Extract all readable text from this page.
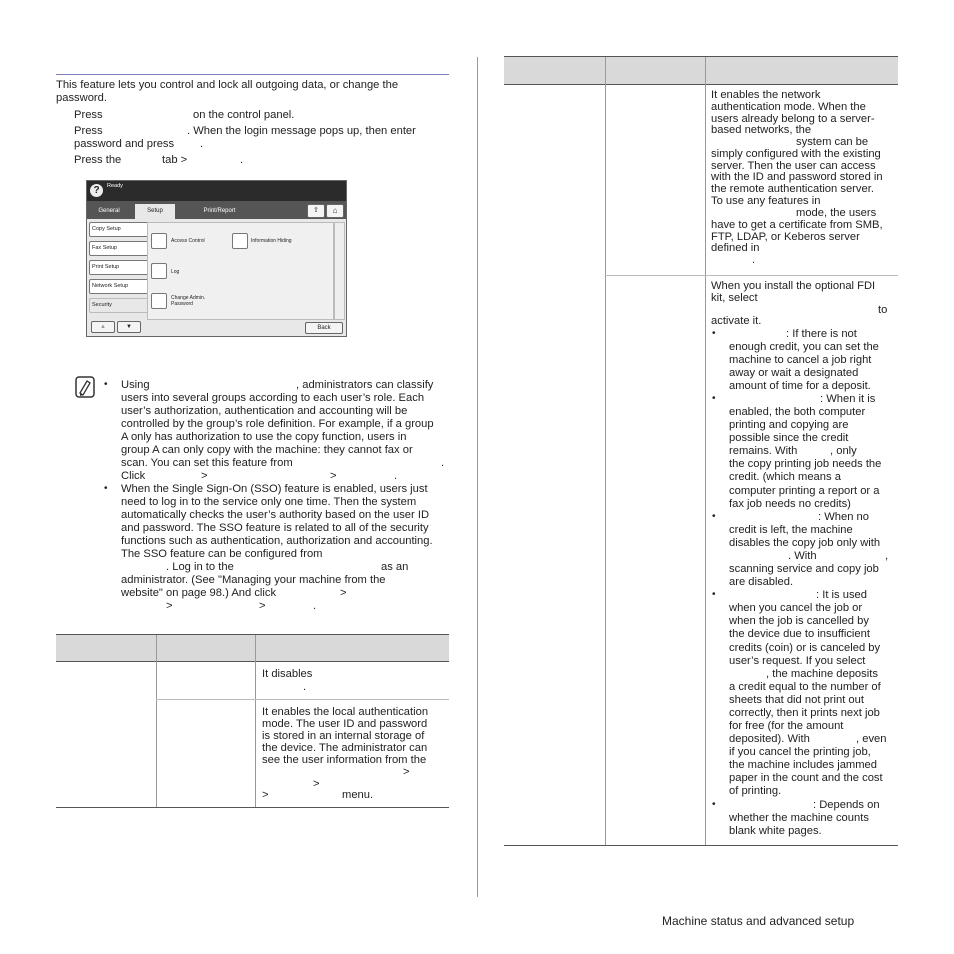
This feature lets you control and lock all outgoing data, or change the
password.
Press	on the control panel.
Press	. When the login message pops up, then enter
password and press .
Press the	tab >	.
?	Ready
General	Setup	Print/Report	⇧	⌂
Copy Setup
Fax Setup
Print Setup
Network Setup
Security
▲	▼
Access Control	Information Hiding
Log
Change Admin. Password
Back
• Using	, administrators can classify
users into several groups according to each user’s role. Each
user’s authorization, authentication and accounting will be
controlled by the group’s role definition. For example, if a group
A only has authorization to use the copy function, users in
group A can only copy with the machine: they cannot fax or
scan. You can set this feature from	.
Click	>	>	.
• When the Single Sign-On (SSO) feature is enabled, users just
need to log in to the service only one time. Then the system
automatically checks the user’s authority based on the user ID
and password. The SSO feature is related to all of the security
functions such as authentication, authorization and accounting.
The SSO feature can be configured from
. Log in to the	as an
administrator. (See "Managing your machine from the
website" on page 98.) And click	>
>	>	.
It disables
.
It enables the local authentication
mode. The user ID and password
is stored in an internal storage of
the device. The administrator can
see the user information from the
>
>
>	menu.
It enables the network
authentication mode. When the
users already belong to a server-
based networks, the
system can be
simply configured with the existing
server. Then the user can access
with the ID and password stored in
the remote authentication server.
To use any features in
mode, the users
have to get a certificate from SMB,
FTP, LDAP, or Keberos server
defined in
.
When you install the optional FDI
kit, select
to
activate it.
•	: If there is not
enough credit, you can set the
machine to cancel a job right
away or wait a designated
amount of time for a deposit.
•	: When it is
enabled, the both computer
printing and copying are
possible since the credit
remains. With	, only
the copy printing job needs the
credit. (which means a
computer printing a report or a
fax job needs no credits)
•	: When no
credit is left, the machine
disables the copy job only with
. With	,
scanning service and copy job
are disabled.
•	: It is used
when you cancel the job or
when the job is cancelled by
the device due to insufficient
credits (coin) or is canceled by
user’s request. If you select
, the machine deposits
a credit equal to the number of
sheets that did not print out
correctly, then it prints next job
for free (for the amount
deposited). With	, even
if you cancel the printing job,
the machine includes jammed
paper in the count and the cost
of printing.
•	: Depends on
whether the machine counts
blank white pages.
Machine status and advanced setup
